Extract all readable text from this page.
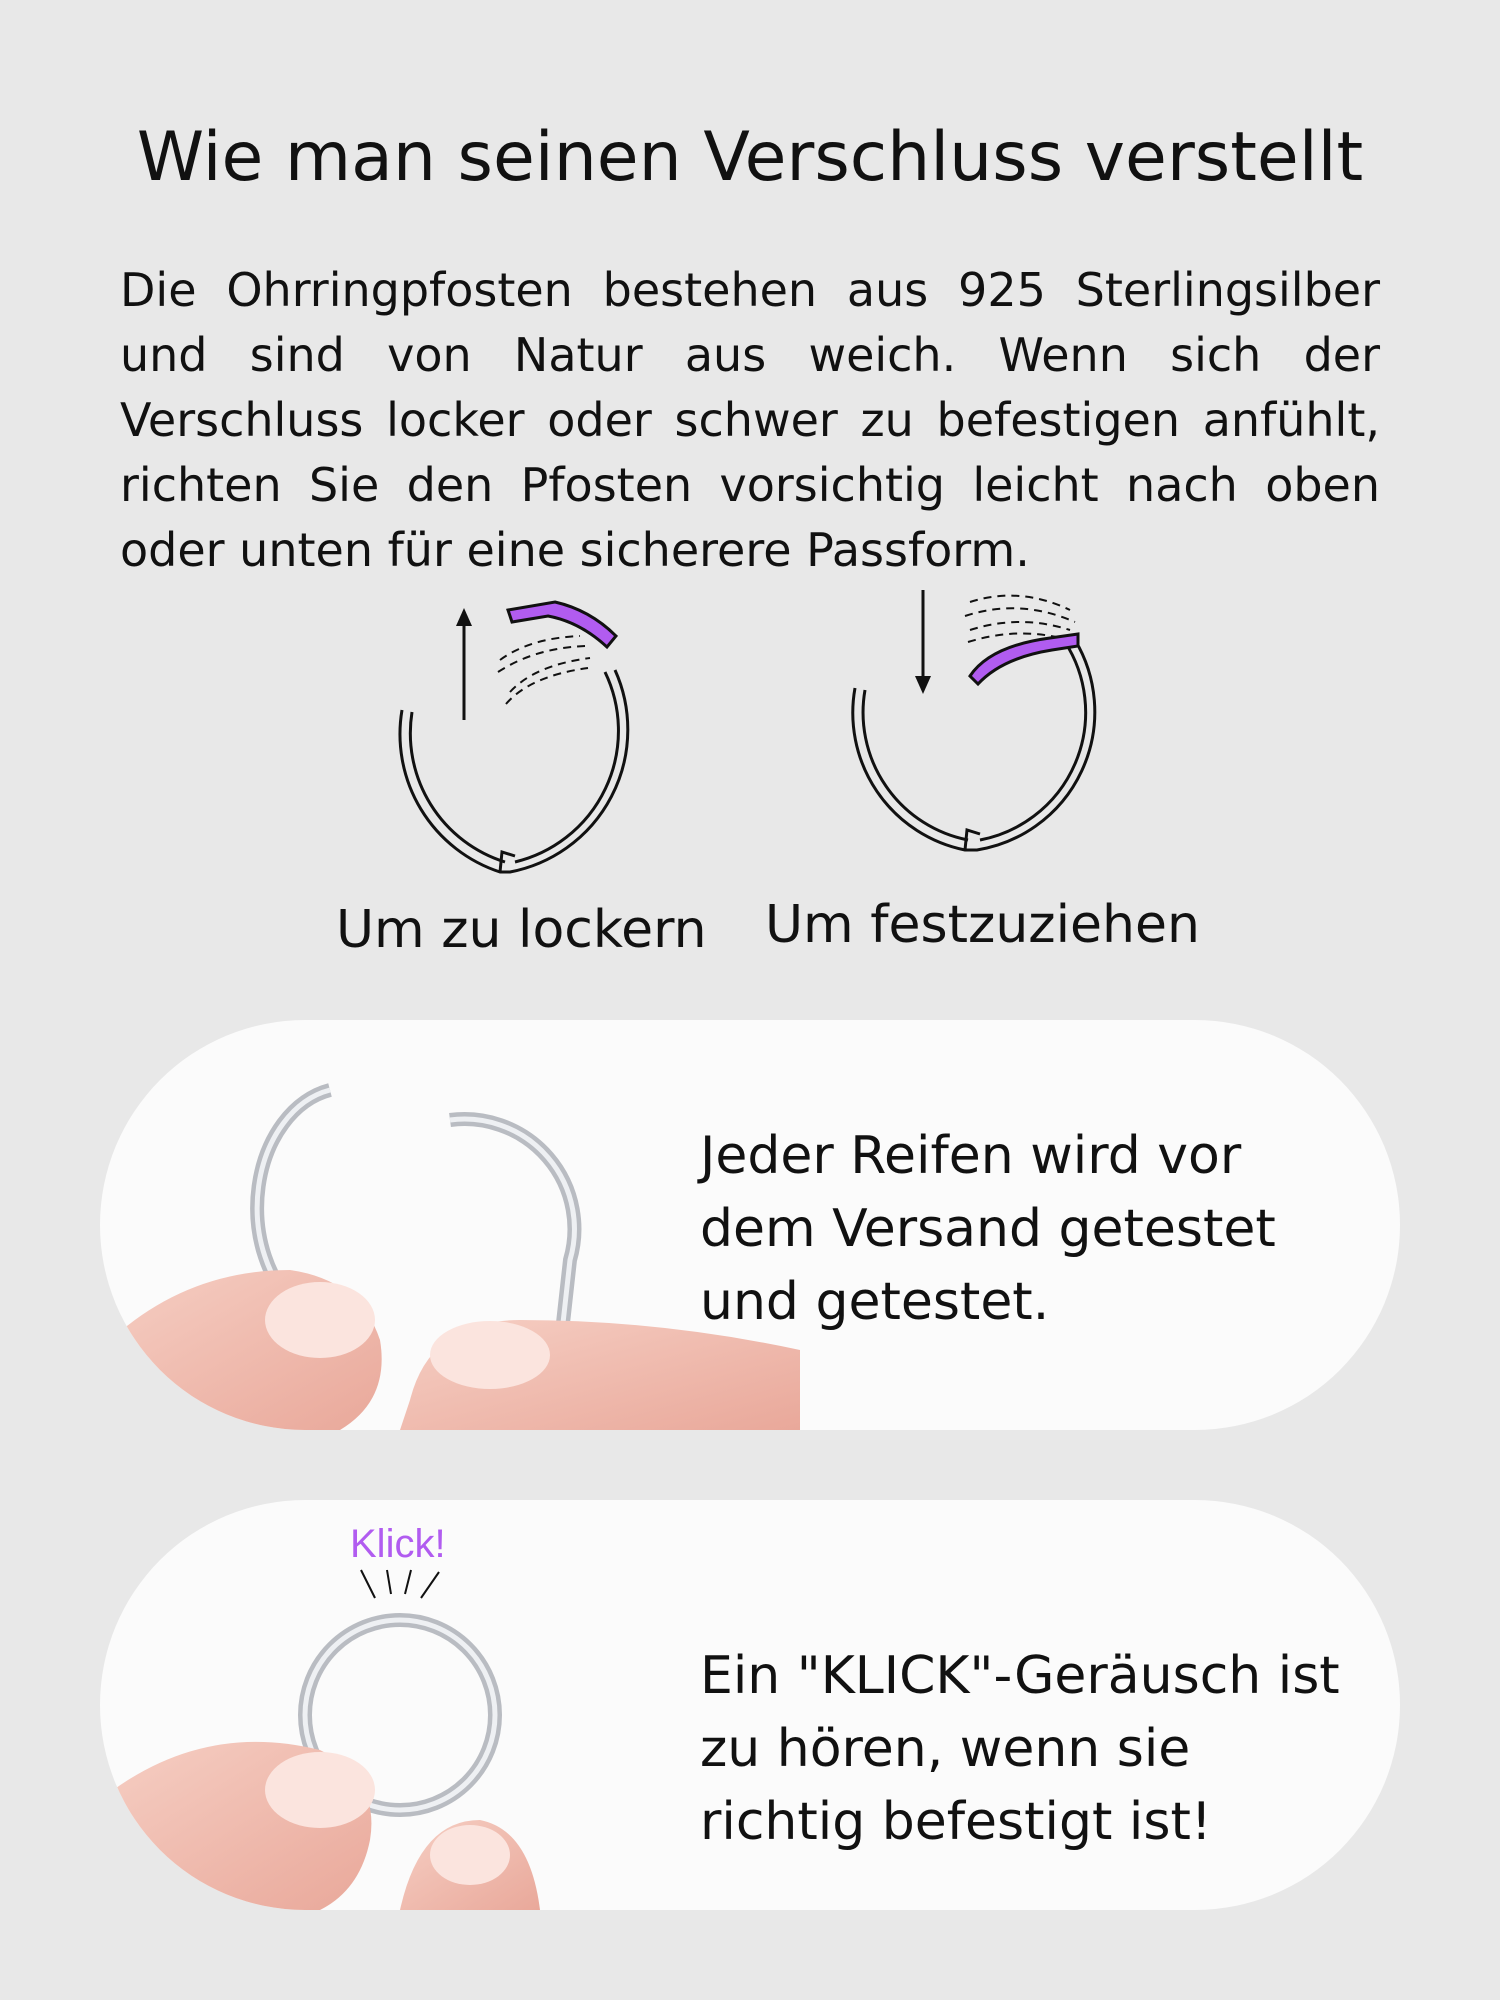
Wie man seinen Verschluss verstellt

Die Ohrringpfosten bestehen aus 925 Sterlingsilber und sind von Natur aus weich. Wenn sich der Verschluss locker oder schwer zu befestigen anfühlt, richten Sie den Pfosten vorsichtig leicht nach oben oder unten für eine sicherere Passform.

Um zu lockern Um festzuziehen
Jeder Reifen wird vor dem Versand getestet und getestet.
Ein "KLICK"-Geräusch ist zu hören, wenn sie richtig befestigt ist!
Klick!
